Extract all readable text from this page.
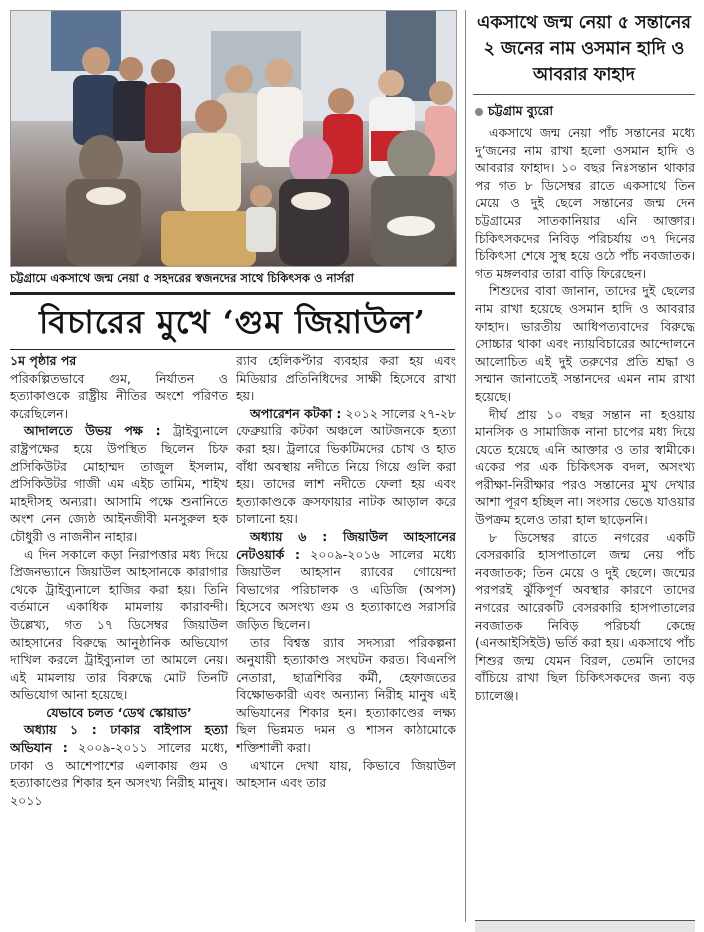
চট্টগ্রামে একসাথে জন্ম নেয়া ৫ সহদরের স্বজনদের সাথে চিকিৎসক ও নার্সরা
বিচারের মুখে ‘গুম জিয়াউল’

১ম পৃষ্ঠার পর

পরিকল্পিতভাবে গুম, নির্যাতন ও হত্যাকাণ্ডকে রাষ্ট্রীয় নীতির অংশে পরিণত করেছিলেন।

আদালতে উভয় পক্ষ : ট্রাইব্যুনালে রাষ্ট্রপক্ষের হয়ে উপস্থিত ছিলেন চিফ প্রসিকিউটর মোহাম্মদ তাজুল ইসলাম, প্রসিকিউটর গাজী এম এইচ তামিম, শাইখ মাহদীসহ অন্যরা। আসামি পক্ষে শুনানিতে অংশ নেন জ্যেষ্ঠ আইনজীবী মনসুরুল হক চৌধুরী ও নাজনীন নাহার।

এ দিন সকালে কড়া নিরাপত্তার মধ্য দিয়ে প্রিজনভ্যানে জিয়াউল আহসানকে কারাগার থেকে ট্রাইব্যুনালে হাজির করা হয়। তিনি বর্তমানে একাধিক মামলায় কারাবন্দী। উল্লেখ্য, গত ১৭ ডিসেম্বর জিয়াউল আহসানের বিরুদ্ধে আনুষ্ঠানিক অভিযোগ দাখিল করলে ট্রাইব্যুনাল তা আমলে নেয়। এই মামলায় তার বিরুদ্ধে মোট তিনটি অভিযোগ আনা হয়েছে।

যেভাবে চলত ‘ডেথ স্কোয়াড’

অধ্যায় ১ : ঢাকার বাইপাস হত্যা অভিযান : ২০০৯-২০১১ সালের মধ্যে, ঢাকা ও আশেপাশের এলাকায় গুম ও হত্যাকাণ্ডের শিকার হন অসংখ্য নিরীহ মানুষ। ২০১১

র‍্যাব হেলিকপ্টার ব্যবহার করা হয় এবং মিডিয়ার প্রতিনিধিদের সাক্ষী হিসেবে রাখা হয়।

অপারেশন কটকা : ২০১২ সালের ২৭-২৮ ফেব্রুয়ারি কটকা অঞ্চলে আটজনকে হত্যা করা হয়। ট্রলারে ভিকটিমদের চোখ ও হাত বাঁধা অবস্থায় নদীতে নিয়ে গিয়ে গুলি করা হয়। তাদের লাশ নদীতে ফেলা হয় এবং হত্যাকাণ্ডকে ক্রসফায়ার নাটক আড়াল করে চালানো হয়।

অধ্যায় ৬ : জিয়াউল আহসানের নেটওয়ার্ক : ২০০৯-২০১৬ সালের মধ্যে জিয়াউল আহসান র‍্যাবের গোয়েন্দা বিভাগের পরিচালক ও এডিজি (অপস) হিসেবে অসংখ্য গুম ও হত্যাকাণ্ডে সরাসরি জড়িত ছিলেন।

তার বিশ্বস্ত র‍্যাব সদস্যরা পরিকল্পনা অনুযায়ী হত্যাকাণ্ড সংঘটন করত। বিএনপি নেতারা, ছাত্রশিবির কর্মী, হেফাজতের বিক্ষোভকারী এবং অন্যান্য নিরীহ মানুষ এই অভিযানের শিকার হন। হত্যাকাণ্ডের লক্ষ্য ছিল ভিন্নমত দমন ও শাসন কাঠামোকে শক্তিশালী করা।

এখানে দেখা যায়, কিভাবে জিয়াউল আহসান এবং তার

একসাথে জন্ম নেয়া ৫ সন্তানের ২ জনের নাম ওসমান হাদি ও আবরার ফাহাদ
চট্টগ্রাম ব্যুরো

একসাথে জন্ম নেয়া পাঁচ সন্তানের মধ্যে দু’জনের নাম রাখা হলো ওসমান হাদি ও আবরার ফাহাদ। ১০ বছর নিঃসন্তান থাকার পর গত ৮ ডিসেম্বর রাতে একসাথে তিন মেয়ে ও দুই ছেলে সন্তানের জন্ম দেন চট্টগ্রামের সাতকানিয়ার এনি আক্তার। চিকিৎসকদের নিবিড় পরিচর্যায় ৩৭ দিনের চিকিৎসা শেষে সুস্থ হয়ে ওঠে পাঁচ নবজাতক। গত মঙ্গলবার তারা বাড়ি ফিরেছেন।

শিশুদের বাবা জানান, তাদের দুই ছেলের নাম রাখা হয়েছে ওসমান হাদি ও আবরার ফাহাদ। ভারতীয় আধিপত্যবাদের বিরুদ্ধে সোচ্চার থাকা এবং ন্যায়বিচারের আন্দোলনে আলোচিত এই দুই তরুণের প্রতি শ্রদ্ধা ও সম্মান জানাতেই সন্তানদের এমন নাম রাখা হয়েছে।

দীর্ঘ প্রায় ১০ বছর সন্তান না হওয়ায় মানসিক ও সামাজিক নানা চাপের মধ্য দিয়ে যেতে হয়েছে এনি আক্তার ও তার স্বামীকে। একের পর এক চিকিৎসক বদল, অসংখ্য পরীক্ষা-নিরীক্ষার পরও সন্তানের মুখ দেখার আশা পূরণ হচ্ছিল না। সংসার ভেঙে যাওয়ার উপক্রম হলেও তারা হাল ছাড়েননি।

৮ ডিসেম্বর রাতে নগরের একটি বেসরকারি হাসপাতালে জন্ম নেয় পাঁচ নবজাতক; তিন মেয়ে ও দুই ছেলে। জন্মের পরপরই ঝুঁকিপূর্ণ অবস্থার কারণে তাদের নগরের আরেকটি বেসরকারি হাসপাতালের নবজাতক নিবিড় পরিচর্যা কেন্দ্রে (এনআইসিইউ) ভর্তি করা হয়। একসাথে পাঁচ শিশুর জন্ম যেমন বিরল, তেমনি তাদের বাঁচিয়ে রাখা ছিল চিকিৎসকদের জন্য বড় চ্যালেঞ্জ।
